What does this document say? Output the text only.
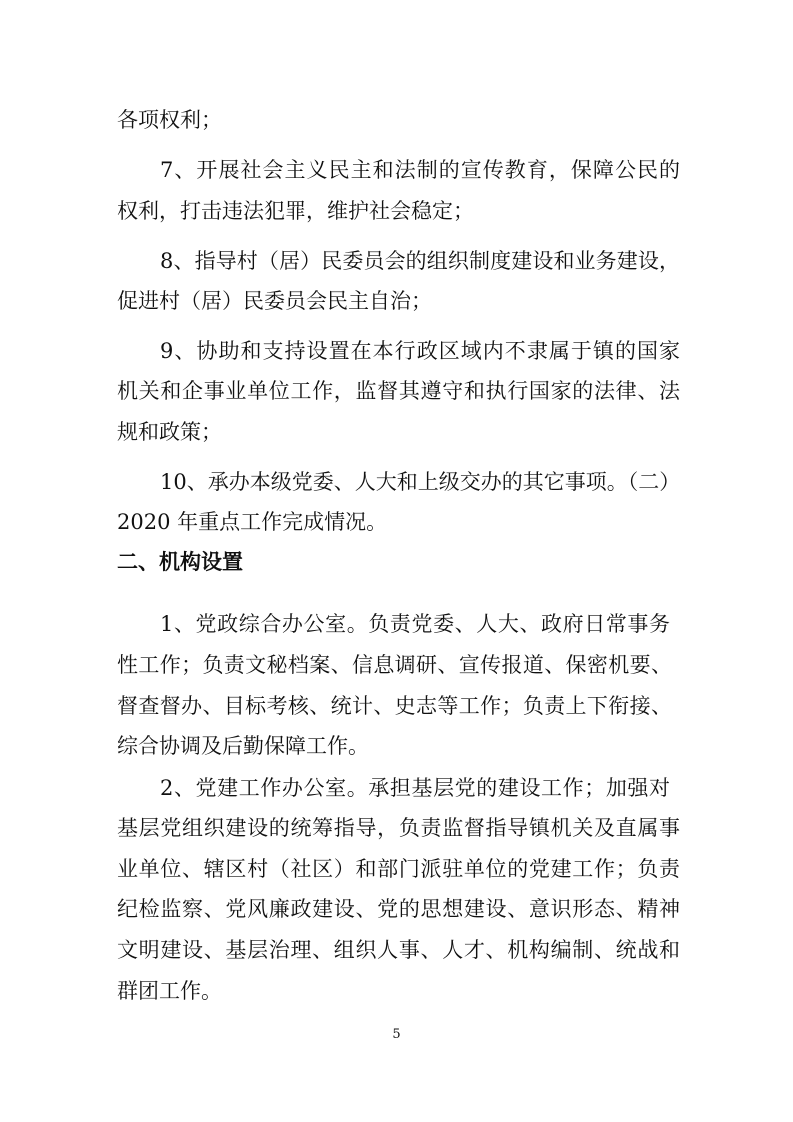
各项权利；
7、开展社会主义民主和法制的宣传教育，保障公民的
权利，打击违法犯罪，维护社会稳定；
8、指导村（居）民委员会的组织制度建设和业务建设，
促进村（居）民委员会民主自治；
9、协助和支持设置在本行政区域内不隶属于镇的国家
机关和企事业单位工作，监督其遵守和执行国家的法律、法
规和政策；
10、承办本级党委、人大和上级交办的其它事项。（二）
2020 年重点工作完成情况。
二、机构设置
1、党政综合办公室。负责党委、人大、政府日常事务
性工作；负责文秘档案、信息调研、宣传报道、保密机要、
督查督办、目标考核、统计、史志等工作；负责上下衔接、
综合协调及后勤保障工作。
2、党建工作办公室。承担基层党的建设工作；加强对
基层党组织建设的统筹指导，负责监督指导镇机关及直属事
业单位、辖区村（社区）和部门派驻单位的党建工作；负责
纪检监察、党风廉政建设、党的思想建设、意识形态、精神
文明建设、基层治理、组织人事、人才、机构编制、统战和
群团工作。
5
